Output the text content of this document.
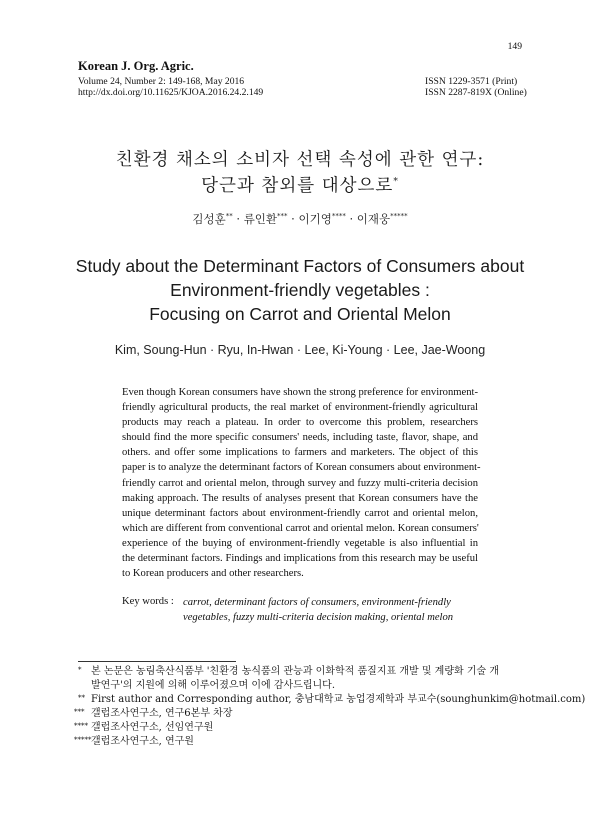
Korean J. Org. Agric.
Volume 24, Number 2: 149-168, May 2016
http://dx.doi.org/10.11625/KJOA.2016.24.2.149
149
ISSN 1229-3571 (Print)
ISSN 2287-819X (Online)
친환경 채소의 소비자 선택 속성에 관한 연구:
당근과 참외를 대상으로*
김성훈** · 류인환*** · 이기영**** · 이재웅*****
Study about the Determinant Factors of Consumers about
Environment-friendly vegetables :
Focusing on Carrot and Oriental Melon
Kim, Soung-Hun · Ryu, In-Hwan · Lee, Ki-Young · Lee, Jae-Woong
Even though Korean consumers have shown the strong preference for environment-
friendly agricultural products, the real market of environment-friendly agricultural
products may reach a plateau. In order to overcome this problem, researchers
should find the more specific consumers' needs, including taste, flavor, shape, and
others. and offer some implications to farmers and marketers. The object of this
paper is to analyze the determinant factors of Korean consumers about environment-
friendly carrot and oriental melon, through survey and fuzzy multi-criteria decision
making approach. The results of analyses present that Korean consumers have the
unique determinant factors about environment-friendly carrot and oriental melon,
which are different from conventional carrot and oriental melon. Korean consumers'
experience of the buying of environment-friendly vegetable is also influential in
the determinant factors. Findings and implications from this research may be useful
to Korean producers and other researchers.
Key words : carrot, determinant factors of consumers, environment-friendly
vegetables, fuzzy multi-criteria decision making, oriental melon
* 본 논문은 농림축산식품부 '친환경 농식품의 관능과 이화학적 품질지표 개발 및 계량화 기술 개
발연구'의 지원에 의해 이루어졌으며 이에 감사드립니다.
** First author and Corresponding author, 충남대학교 농업경제학과 부교수(sounghunkim@hotmail.com)
*** 갤럽조사연구소, 연구6본부 차장
**** 갤럽조사연구소, 선임연구원
***** 갤럽조사연구소, 연구원
